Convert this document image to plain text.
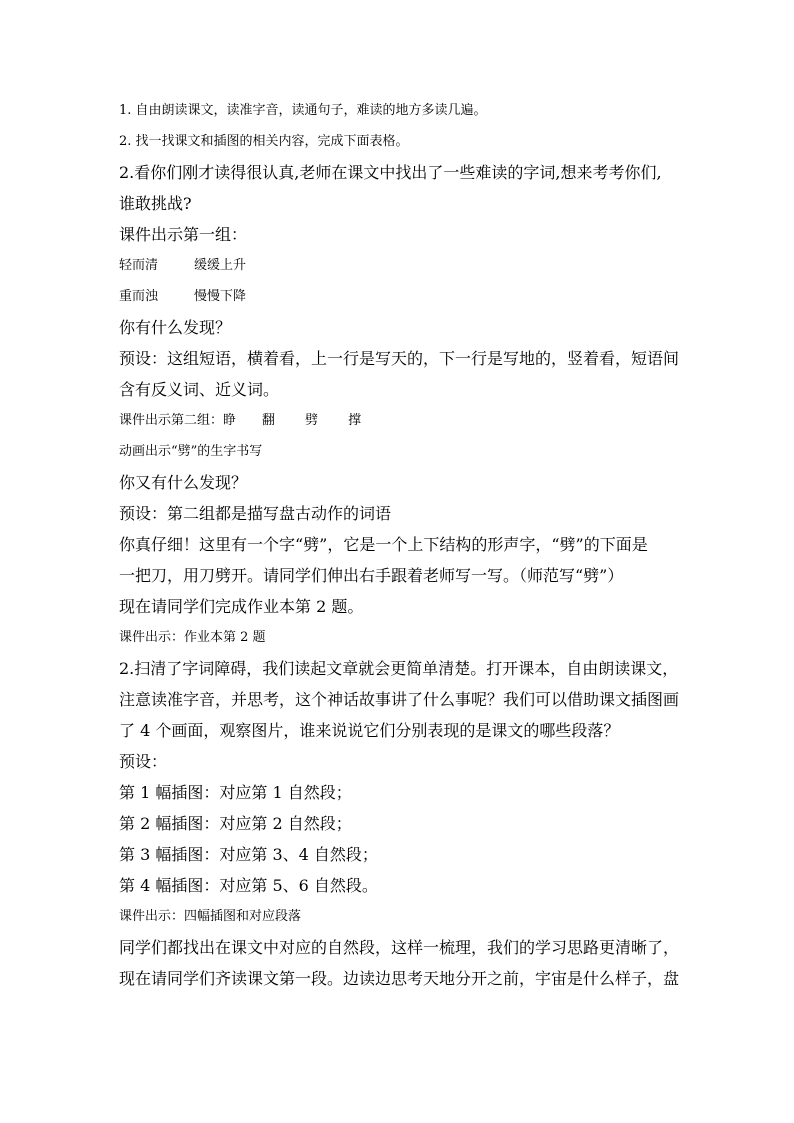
1. 自由朗读课文，读准字音，读通句子，难读的地方多读几遍。

2. 找一找课文和插图的相关内容，完成下面表格。

2.看你们刚才读得很认真,老师在课文中找出了一些难读的字词,想来考考你们,

谁敢挑战?

课件出示第一组：

轻而清	缓缓上升

重而浊	慢慢下降

你有什么发现？

预设：这组短语，横着看，上一行是写天的，下一行是写地的，竖着看，短语间

含有反义词、近义词。

课件出示第二组：睁 翻 劈 撑

动画出示“劈”的生字书写

你又有什么发现？

预设：第二组都是描写盘古动作的词语

你真仔细！这里有一个字“劈”，它是一个上下结构的形声字，“劈”的下面是

一把刀，用刀劈开。请同学们伸出右手跟着老师写一写。（师范写“劈”）

现在请同学们完成作业本第 2 题。

课件出示：作业本第 2 题

2.扫清了字词障碍，我们读起文章就会更简单清楚。打开课本，自由朗读课文，

注意读准字音，并思考，这个神话故事讲了什么事呢？我们可以借助课文插图画

了 4 个画面，观察图片，谁来说说它们分别表现的是课文的哪些段落？

预设：

第 1 幅插图：对应第 1 自然段；

第 2 幅插图：对应第 2 自然段；

第 3 幅插图：对应第 3、4 自然段；

第 4 幅插图：对应第 5、6 自然段。

课件出示：四幅插图和对应段落

同学们都找出在课文中对应的自然段，这样一梳理，我们的学习思路更清晰了，

现在请同学们齐读课文第一段。边读边思考天地分开之前，宇宙是什么样子，盘
